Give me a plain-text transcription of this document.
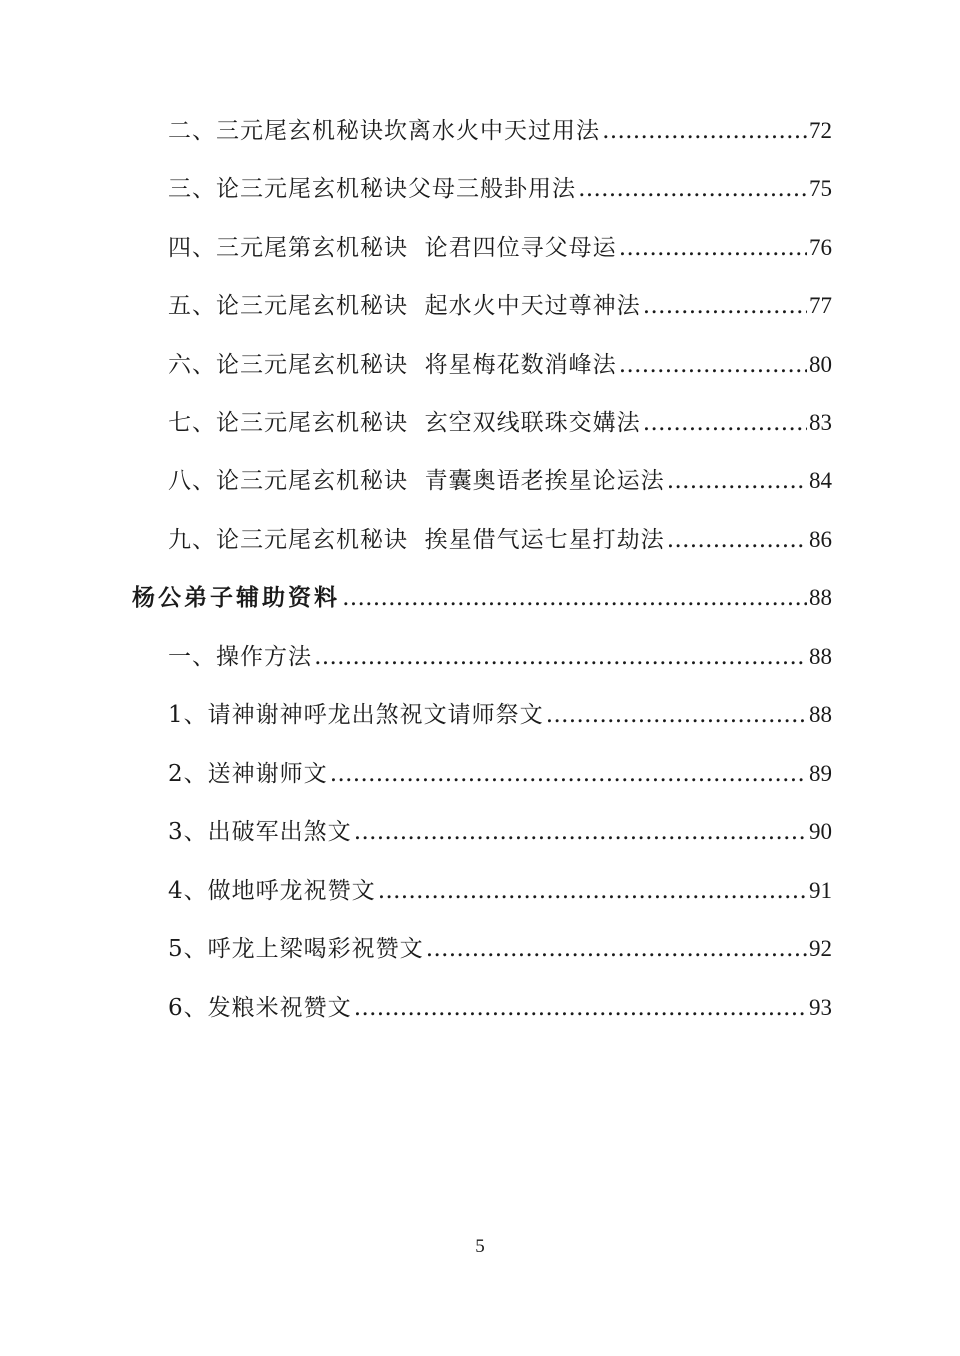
二、三元尾玄机秘诀坎离水火中天过用法 ……………………………………………………………………………………………………………………………………………………………………………………	72
三、论三元尾玄机秘诀父母三般卦用法 ……………………………………………………………………………………………………………………………………………………………………………………	75
四、三元尾第玄机秘诀  论君四位寻父母运 ……………………………………………………………………………………………………………………………………………………………………………………	76
五、论三元尾玄机秘诀  起水火中天过尊神法 ……………………………………………………………………………………………………………………………………………………………………………………	77
六、论三元尾玄机秘诀  将星梅花数消峰法 ……………………………………………………………………………………………………………………………………………………………………………………	80
七、论三元尾玄机秘诀  玄空双线联珠交媾法 ……………………………………………………………………………………………………………………………………………………………………………………	83
八、论三元尾玄机秘诀  青囊奥语老挨星论运法 ……………………………………………………………………………………………………………………………………………………………………………………	84
九、论三元尾玄机秘诀  挨星借气运七星打劫法 ……………………………………………………………………………………………………………………………………………………………………………………	86
杨公弟子辅助资料 ……………………………………………………………………………………………………………………………………………………………………………………	88
一、操作方法 ……………………………………………………………………………………………………………………………………………………………………………………	88
1、请神谢神呼龙出煞祝文请师祭文 ……………………………………………………………………………………………………………………………………………………………………………………	88
2、送神谢师文 ……………………………………………………………………………………………………………………………………………………………………………………	89
3、出破军出煞文 ……………………………………………………………………………………………………………………………………………………………………………………	90
4、做地呼龙祝赞文 ……………………………………………………………………………………………………………………………………………………………………………………	91
5、呼龙上梁喝彩祝赞文 ……………………………………………………………………………………………………………………………………………………………………………………	92
6、发粮米祝赞文 ……………………………………………………………………………………………………………………………………………………………………………………	93
5
